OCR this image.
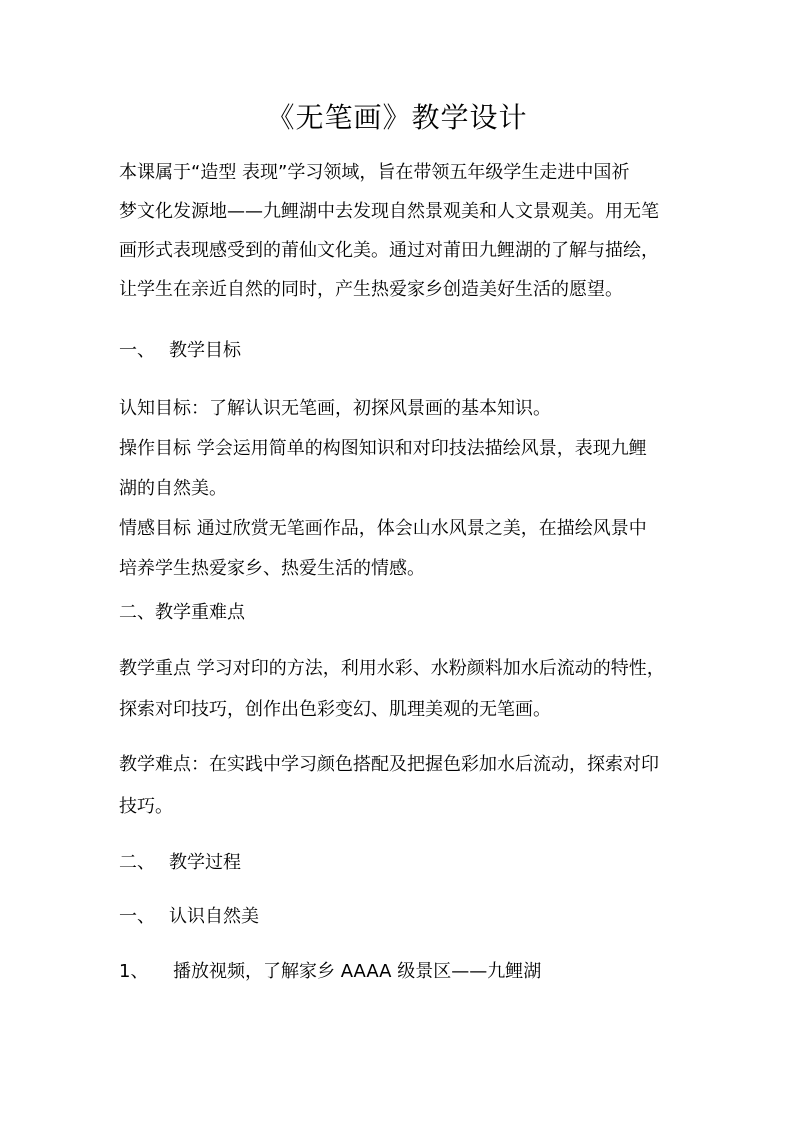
《无笔画》教学设计
本课属于“造型 表现”学习领域，旨在带领五年级学生走进中国祈
梦文化发源地——九鲤湖中去发现自然景观美和人文景观美。用无笔
画形式表现感受到的莆仙文化美。通过对莆田九鲤湖的了解与描绘，
让学生在亲近自然的同时，产生热爱家乡创造美好生活的愿望。
一、 教学目标
认知目标：了解认识无笔画，初探风景画的基本知识。
操作目标 学会运用简单的构图知识和对印技法描绘风景，表现九鲤
湖的自然美。
情感目标 通过欣赏无笔画作品，体会山水风景之美，在描绘风景中
培养学生热爱家乡、热爱生活的情感。
二、教学重难点
教学重点 学习对印的方法，利用水彩、水粉颜料加水后流动的特性，
探索对印技巧，创作出色彩变幻、肌理美观的无笔画。
教学难点：在实践中学习颜色搭配及把握色彩加水后流动，探索对印
技巧。
二、 教学过程
一、 认识自然美
1、 播放视频，了解家乡 AAAA 级景区——九鲤湖
